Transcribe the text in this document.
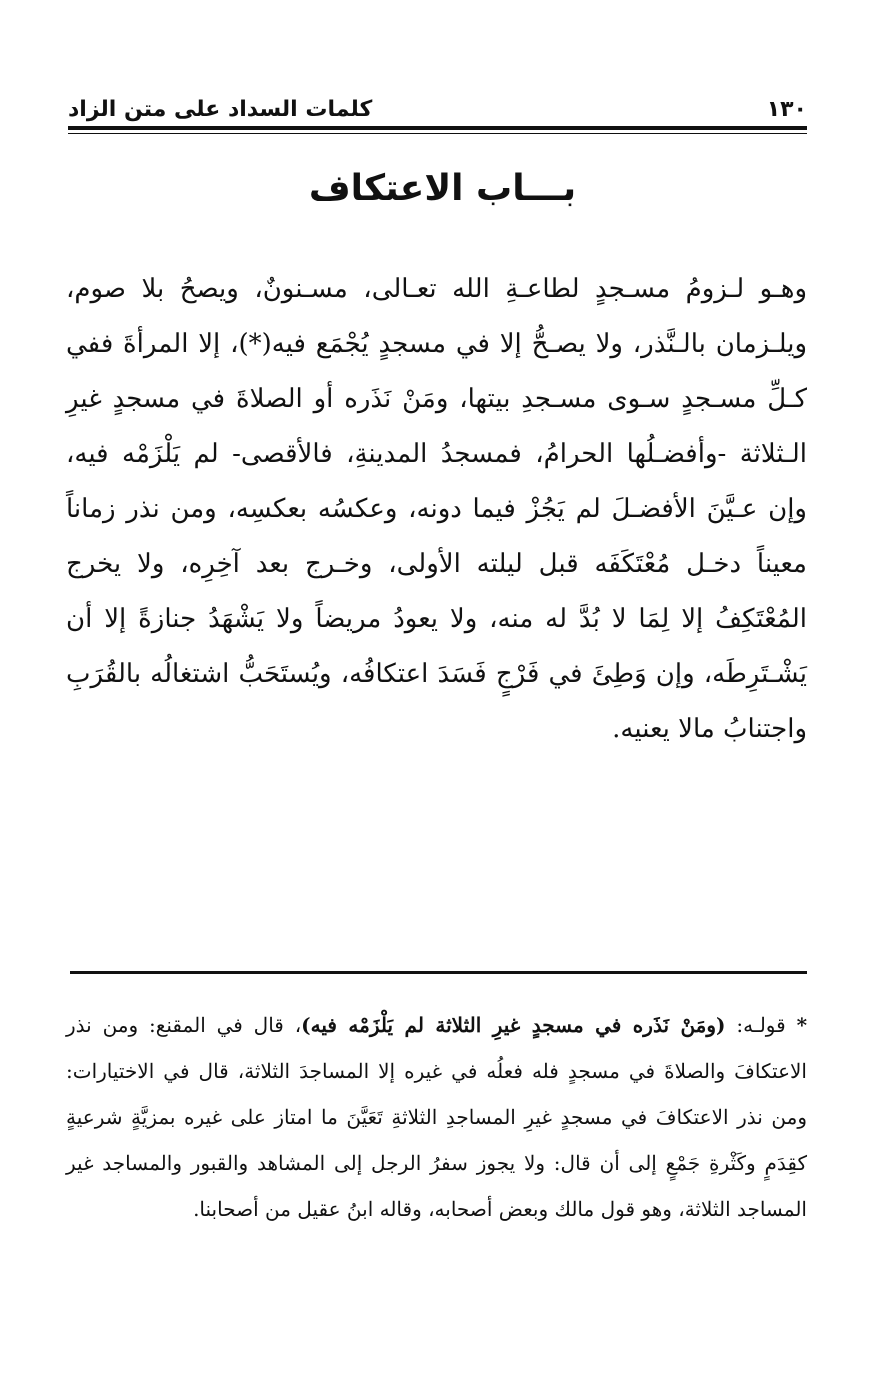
١٣٠
كلمات السداد على متن الزاد
بـــاب الاعتكاف

وهـو لـزومُ مسـجدٍ لطاعـةِ الله تعـالى، مسـنونٌ، ويصحُ بلا صوم، ويلـزمان بالـنَّذر، ولا يصـحُّ إلا في مسجدٍ يُجْمَع فيه(*)، إلا المرأةَ ففي كـلِّ مسـجدٍ سـوى مسـجدِ بيتها، ومَنْ نَذَره أو الصلاةَ في مسجدٍ غيرِ الـثلاثة -وأفضـلُها الحرامُ، فمسجدُ المدينةِ، فالأقصى- لم يَلْزَمْه فيه، وإن عـيَّنَ الأفضـلَ لم يَجُزْ فيما دونه، وعكسُه بعكسِه، ومن نذر زماناً معيناً دخـل مُعْتَكَفَه قبل ليلته الأولى، وخـرج بعد آخِرِه، ولا يخرج المُعْتَكِفُ إلا لِمَا لا بُدَّ له منه، ولا يعودُ مريضاً ولا يَشْهَدُ جنازةً إلا أن يَشْـتَرِطَه، وإن وَطِئَ في فَرْجٍ فَسَدَ اعتكافُه، ويُستَحَبُّ اشتغالُه بالقُرَبِ واجتنابُ مالا يعنيه.

* قولـه: (ومَنْ نَذَره في مسجدٍ غيرِ الثلاثة لم يَلْزَمْه فيه)، قال في المقنع: ومن نذر الاعتكافَ والصلاةَ في مسجدٍ فله فعلُه في غيره إلا المساجدَ الثلاثة، قال في الاختيارات: ومن نذر الاعتكافَ في مسجدٍ غيرِ المساجدِ الثلاثةِ تَعَيَّنَ ما امتاز على غيره بمزيَّةٍ شرعيةٍ كقِدَمٍ وكَثْرةِ جَمْعٍ إلى أن قال: ولا يجوز سفرُ الرجل إلى المشاهد والقبور والمساجد غير المساجد الثلاثة، وهو قول مالك وبعض أصحابه، وقاله ابنُ عقيل من أصحابنا.
